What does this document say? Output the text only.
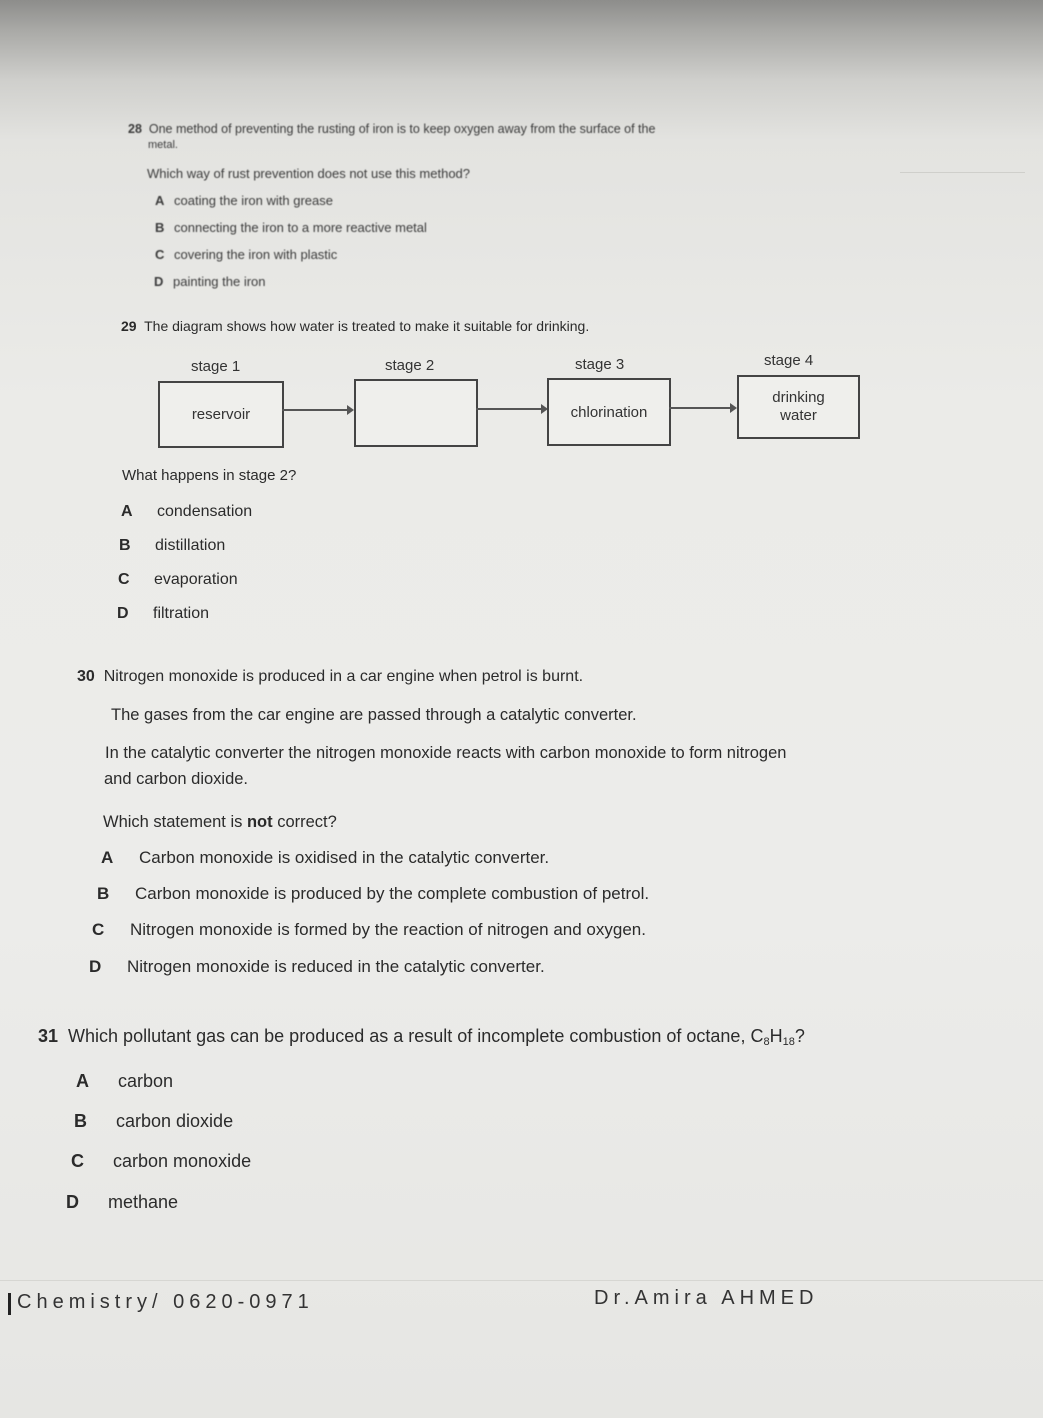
28 One method of preventing the rusting of iron is to keep oxygen away from the surface of the
metal.
Which way of rust prevention does not use this method?
A coating the iron with grease
B connecting the iron to a more reactive metal
C covering the iron with plastic
D painting the iron
29 The diagram shows how water is treated to make it suitable for drinking.
stage 1	stage 2	stage 3	stage 4
reservoir	chlorination
drinking water
What happens in stage 2?
A condensation
B distillation
C evaporation
D filtration
30 Nitrogen monoxide is produced in a car engine when petrol is burnt.
The gases from the car engine are passed through a catalytic converter.
In the catalytic converter the nitrogen monoxide reacts with carbon monoxide to form nitrogen
and carbon dioxide.
Which statement is not correct?
A Carbon monoxide is oxidised in the catalytic converter.
B Carbon monoxide is produced by the complete combustion of petrol.
C Nitrogen monoxide is formed by the reaction of nitrogen and oxygen.
D Nitrogen monoxide is reduced in the catalytic converter.
31 Which pollutant gas can be produced as a result of incomplete combustion of octane, $C_8H_{18}$?
A carbon
B carbon dioxide
C carbon monoxide
D methane
Chemistry/ 0620-0971	Dr.Amira AHMED
